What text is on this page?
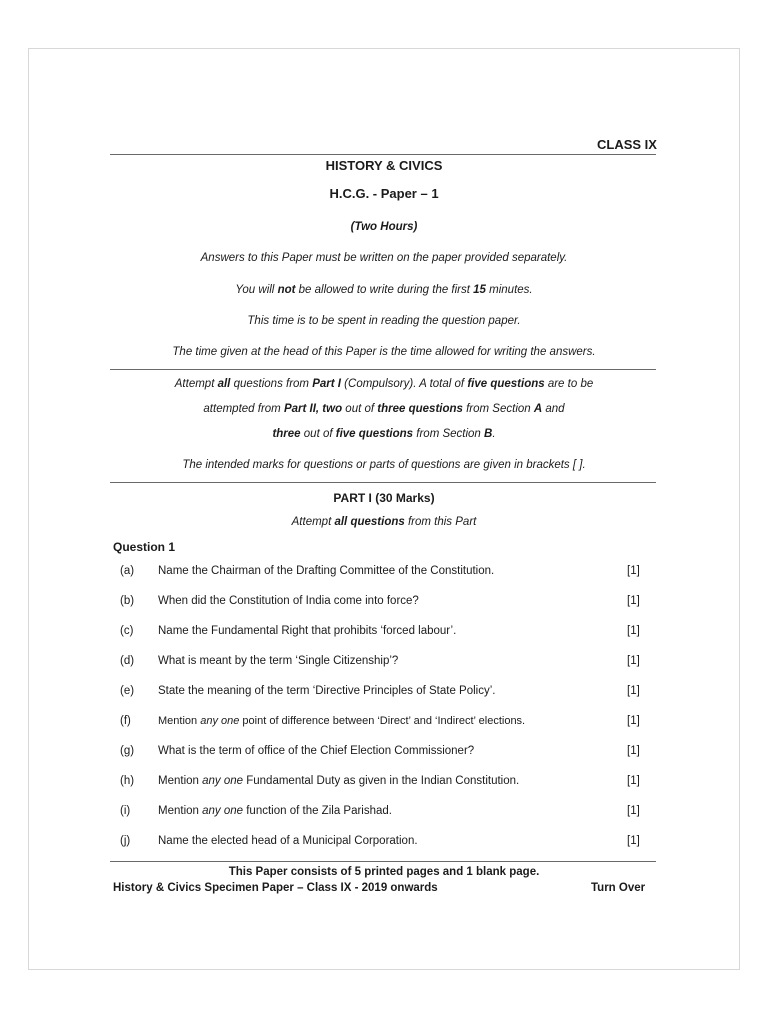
CLASS IX
HISTORY & CIVICS
H.C.G. - Paper – 1
(Two Hours)
Answers to this Paper must be written on the paper provided separately.
You will not be allowed to write during the first 15 minutes.
This time is to be spent in reading the question paper.
The time given at the head of this Paper is the time allowed for writing the answers.
Attempt all questions from Part I (Compulsory). A total of five questions are to be
attempted from Part II, two out of three questions from Section A and
three out of five questions from Section B.
The intended marks for questions or parts of questions are given in brackets [ ].
PART I (30 Marks)
Attempt all questions from this Part
Question 1
(a) Name the Chairman of the Drafting Committee of the Constitution.	[1]
(b) When did the Constitution of India come into force?	[1]
(c) Name the Fundamental Right that prohibits ‘forced labour’.	[1]
(d) What is meant by the term ‘Single Citizenship’?	[1]
(e) State the meaning of the term ‘Directive Principles of State Policy’.	[1]
(f) Mention any one point of difference between ‘Direct’ and ‘Indirect’ elections.	[1]
(g) What is the term of office of the Chief Election Commissioner?	[1]
(h) Mention any one Fundamental Duty as given in the Indian Constitution.	[1]
(i) Mention any one function of the Zila Parishad.	[1]
(j) Name the elected head of a Municipal Corporation.	[1]
This Paper consists of 5 printed pages and 1 blank page.
History & Civics Specimen Paper – Class IX - 2019 onwards	Turn Over
